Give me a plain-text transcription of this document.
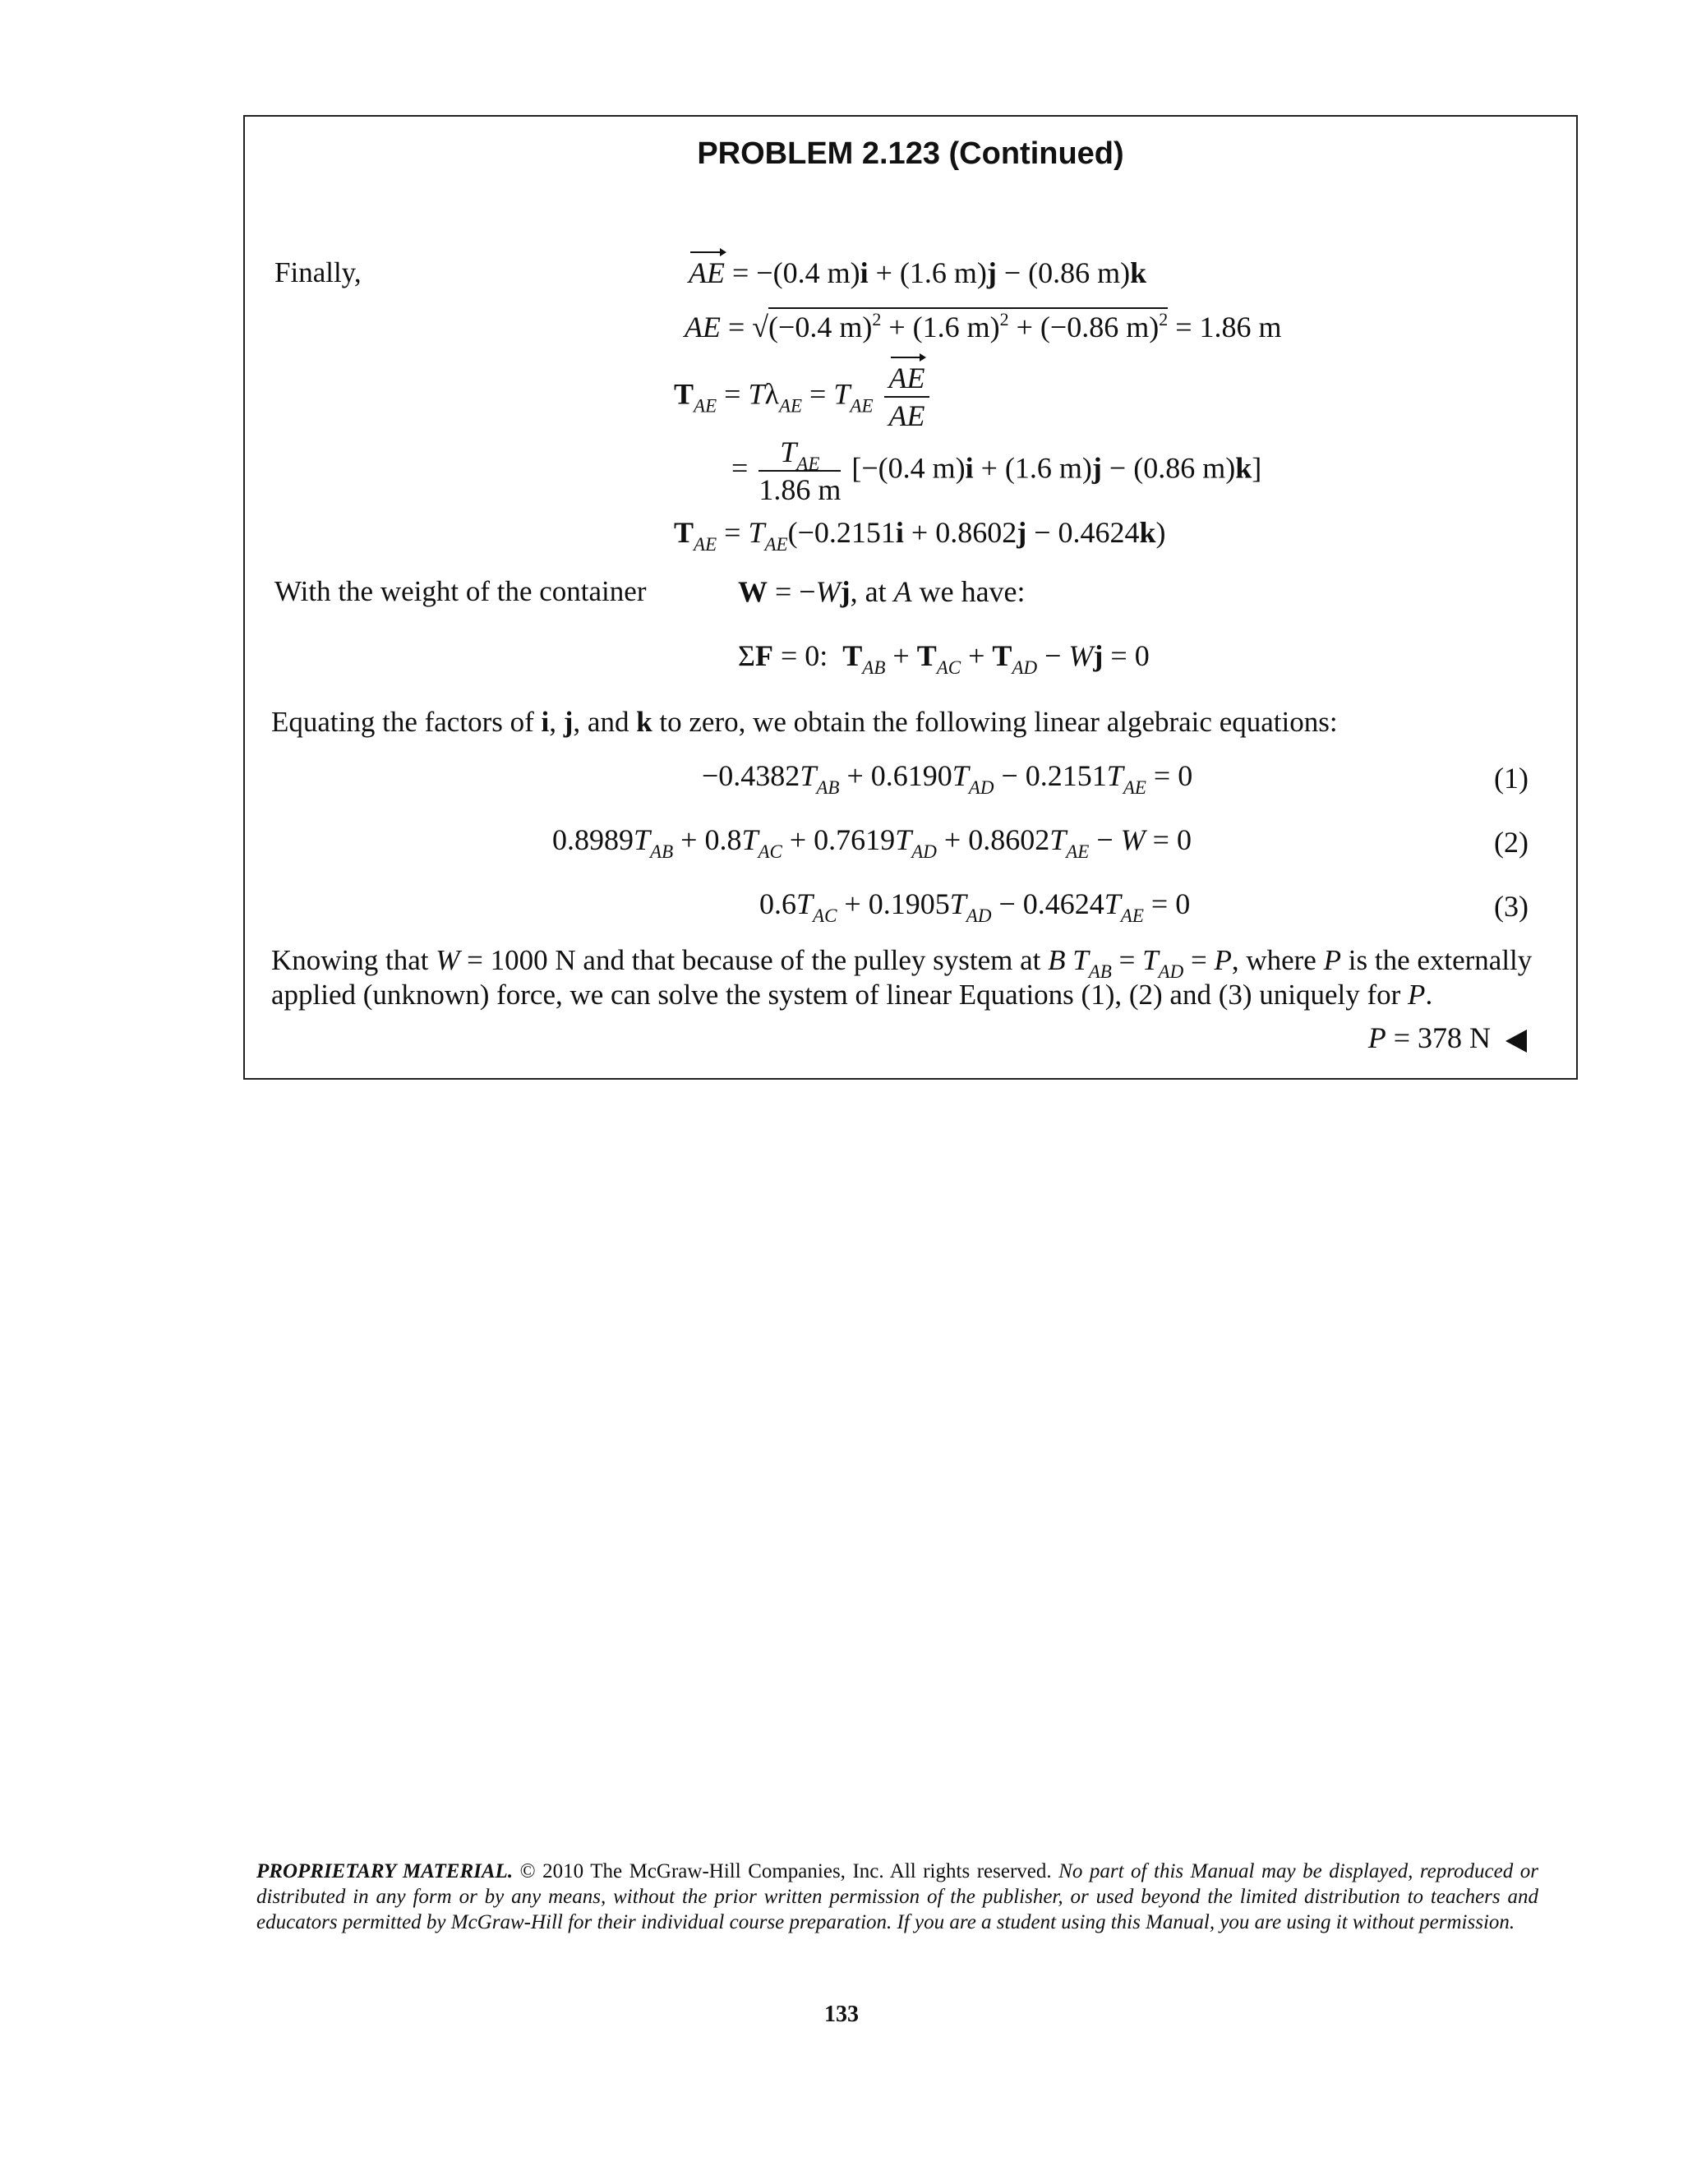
PROBLEM 2.123 (Continued)
Finally,	AE = −(0.4 m)i + (1.6 m)j − (0.86 m)k
AE = √(−0.4 m)$^2$ + (1.6 m)$^2$ + (−0.86 m)$^2$ = 1.86 m
$T_{AE} = T\lambda_{AE} = T_{AE} \frac{AE}{AE}$
= $\frac{T_{AE}}{1.86 m} [-(0.4$ m)i + (1.6 m)j − (0.86 m)k]
$T_{AE} = T_{AE}(-0.2151i + 0.8602j - 0.4624k)$
With the weight of the container	W = −Wj, at A we have:
ΣF = 0:  $T_{AB} + T_{AC} + T_{AD} - Wj = 0$
Equating the factors of i, j, and k to zero, we obtain the following linear algebraic equations:
$-0.4382T_{AB} + 0.6190T_{AD} - 0.2151T_{AE} = 0$	(1)
$0.8989T_{AB} + 0.8T_{AC} + 0.7619T_{AD} + 0.8602T_{AE} - W = 0$	(2)
$0.6T_{AC} + 0.1905T_{AD} - 0.4624T_{AE} = 0$	(3)
Knowing that W = 1000 N and that because of the pulley system at B $T_{AB} = T_{AD} = P$, where P is the externally applied (unknown) force, we can solve the system of linear Equations (1), (2) and (3) uniquely for P.
P = 378 N
PROPRIETARY MATERIAL. © 2010 The McGraw-Hill Companies, Inc. All rights reserved. No part of this Manual may be displayed, reproduced or distributed in any form or by any means, without the prior written permission of the publisher, or used beyond the limited distribution to teachers and educators permitted by McGraw-Hill for their individual course preparation. If you are a student using this Manual, you are using it without permission.
133
